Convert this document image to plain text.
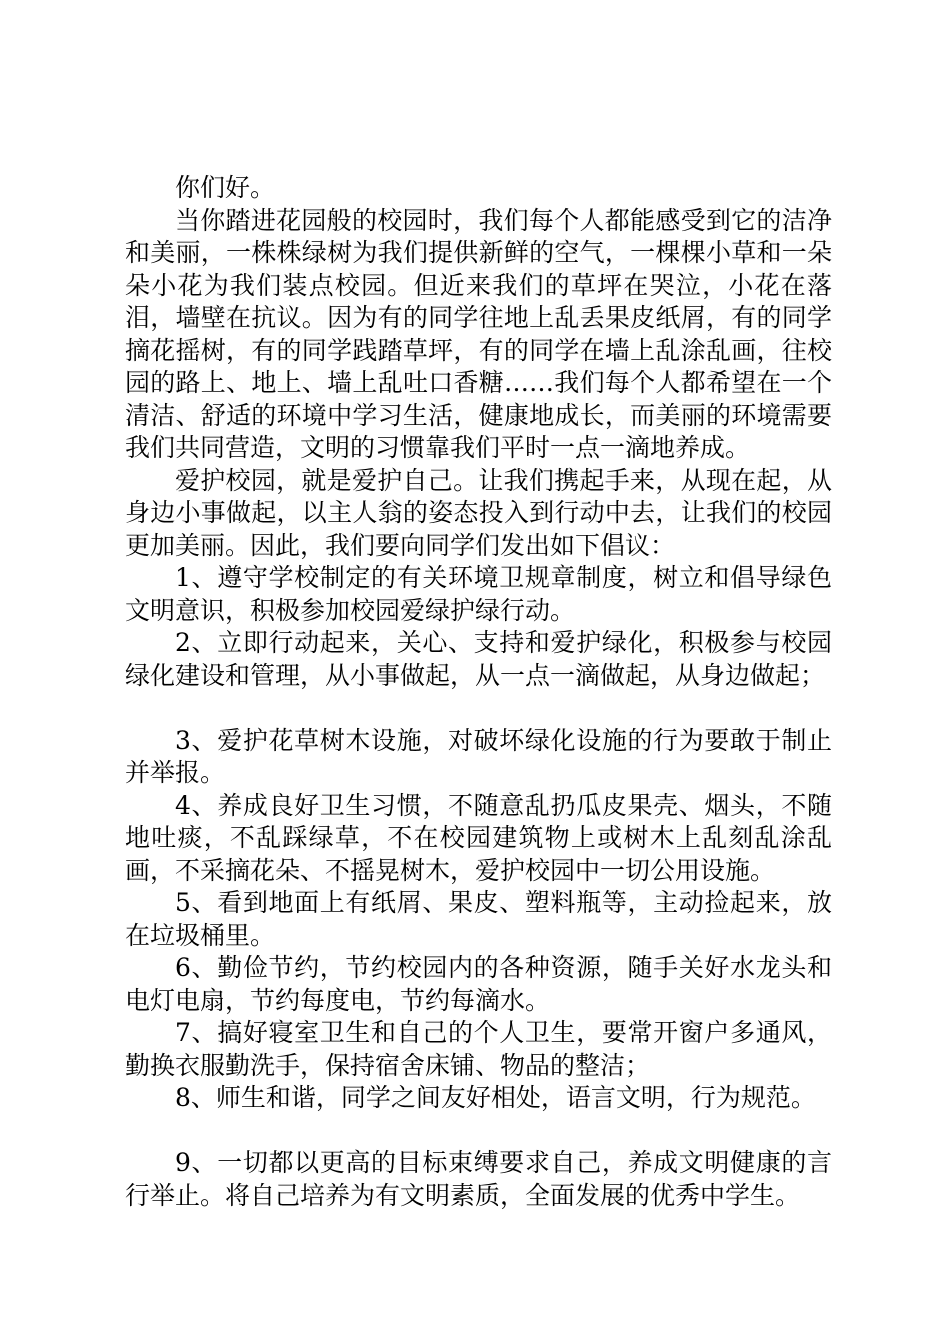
你们好。

当你踏进花园般的校园时，我们每个人都能感受到它的洁净和美丽，一株株绿树为我们提供新鲜的空气，一棵棵小草和一朵朵小花为我们装点校园。但近来我们的草坪在哭泣，小花在落泪，墙壁在抗议。因为有的同学往地上乱丢果皮纸屑，有的同学摘花摇树，有的同学践踏草坪，有的同学在墙上乱涂乱画，往校园的路上、地上、墙上乱吐口香糖……我们每个人都希望在一个清洁、舒适的环境中学习生活，健康地成长，而美丽的环境需要我们共同营造，文明的习惯靠我们平时一点一滴地养成。

爱护校园，就是爱护自己。让我们携起手来，从现在起，从身边小事做起，以主人翁的姿态投入到行动中去，让我们的校园更加美丽。因此，我们要向同学们发出如下倡议：

1、遵守学校制定的有关环境卫规章制度，树立和倡导绿色文明意识，积极参加校园爱绿护绿行动。

2、立即行动起来，关心、支持和爱护绿化，积极参与校园绿化建设和管理，从小事做起，从一点一滴做起，从身边做起；

3、爱护花草树木设施，对破坏绿化设施的行为要敢于制止并举报。

4、养成良好卫生习惯，不随意乱扔瓜皮果壳、烟头，不随地吐痰，不乱踩绿草，不在校园建筑物上或树木上乱刻乱涂乱画，不采摘花朵、不摇晃树木，爱护校园中一切公用设施。

5、看到地面上有纸屑、果皮、塑料瓶等，主动捡起来，放在垃圾桶里。

6、勤俭节约，节约校园内的各种资源，随手关好水龙头和电灯电扇，节约每度电，节约每滴水。

7、搞好寝室卫生和自己的个人卫生，要常开窗户多通风，勤换衣服勤洗手，保持宿舍床铺、物品的整洁；

8、师生和谐，同学之间友好相处，语言文明，行为规范。

9、一切都以更高的目标束缚要求自己，养成文明健康的言行举止。将自己培养为有文明素质，全面发展的优秀中学生。
